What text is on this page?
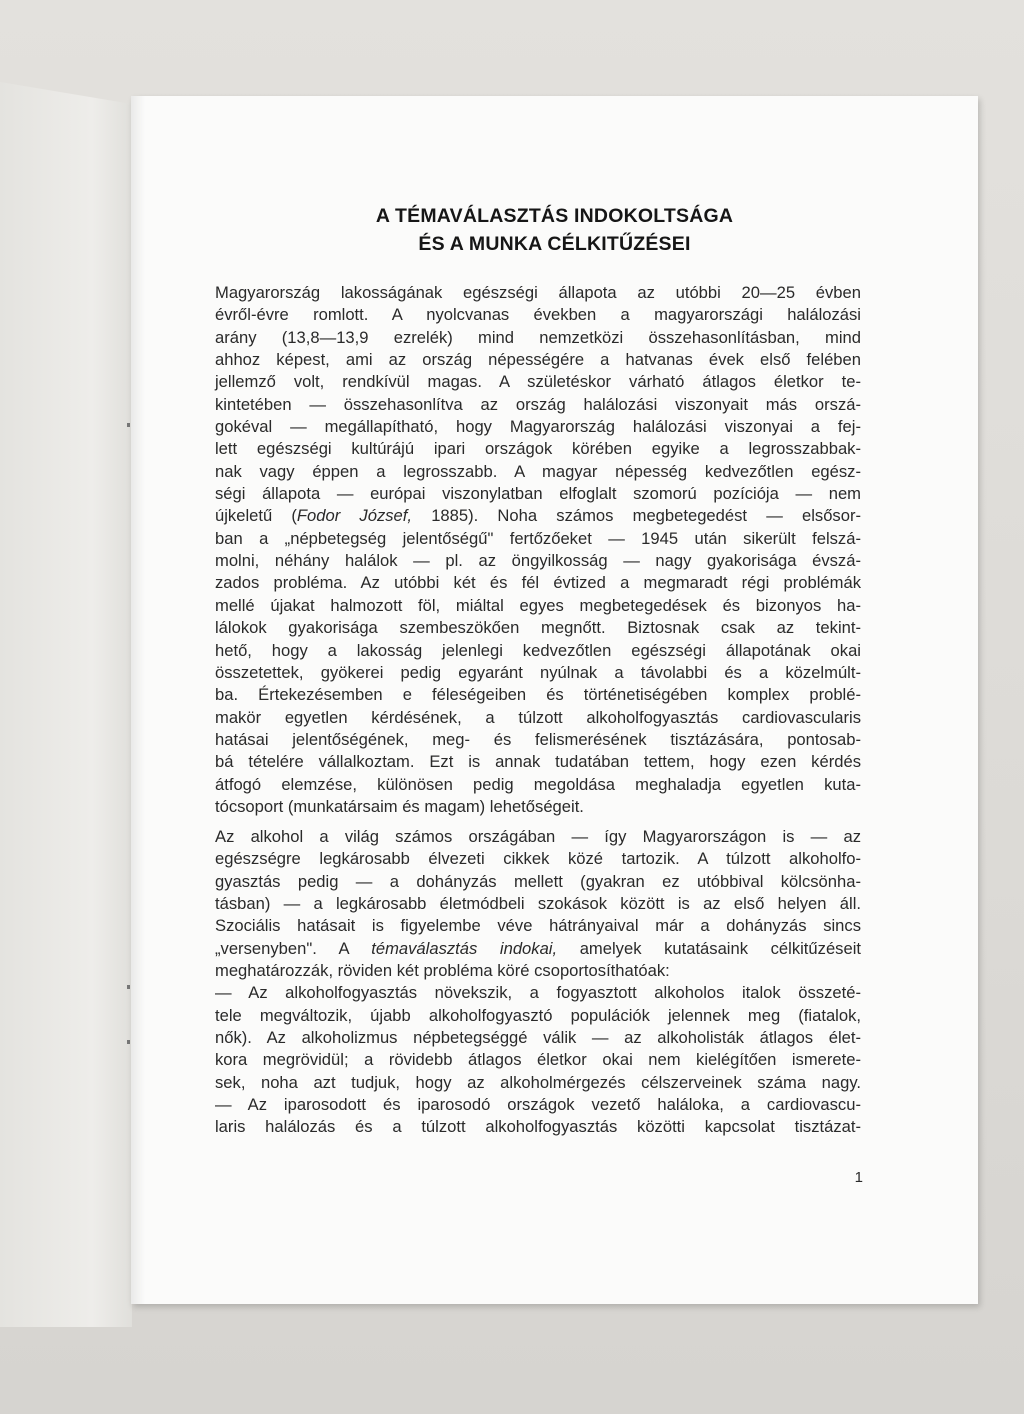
A TÉMAVÁLASZTÁS INDOKOLTSÁGA
ÉS A MUNKA CÉLKITŰZÉSEI
Magyarország lakosságának egészségi állapota az utóbbi 20—25 évben
évről-évre romlott. A nyolcvanas években a magyarországi halálozási
arány (13,8—13,9 ezrelék) mind nemzetközi összehasonlításban, mind
ahhoz képest, ami az ország népességére a hatvanas évek első felében
jellemző volt, rendkívül magas. A születéskor várható átlagos életkor te-
kintetében — összehasonlítva az ország halálozási viszonyait más orszá-
gokéval — megállapítható, hogy Magyarország halálozási viszonyai a fej-
lett egészségi kultúrájú ipari országok körében egyike a legrosszabbak-
nak vagy éppen a legrosszabb. A magyar népesség kedvezőtlen egész-
ségi állapota — európai viszonylatban elfoglalt szomorú pozíciója — nem
újkeletű (Fodor József, 1885). Noha számos megbetegedést — elsősor-
ban a „népbetegség jelentőségű" fertőzőeket — 1945 után sikerült felszá-
molni, néhány halálok — pl. az öngyilkosság — nagy gyakorisága évszá-
zados probléma. Az utóbbi két és fél évtized a megmaradt régi problémák
mellé újakat halmozott föl, miáltal egyes megbetegedések és bizonyos ha-
lálokok gyakorisága szembeszökően megnőtt. Biztosnak csak az tekint-
hető, hogy a lakosság jelenlegi kedvezőtlen egészségi állapotának okai
összetettek, gyökerei pedig egyaránt nyúlnak a távolabbi és a közelmúlt-
ba. Értekezésemben e féleségeiben és történetiségében komplex problé-
makör egyetlen kérdésének, a túlzott alkoholfogyasztás cardiovascularis
hatásai jelentőségének, meg- és felismerésének tisztázására, pontosab-
bá tételére vállalkoztam. Ezt is annak tudatában tettem, hogy ezen kérdés
átfogó elemzése, különösen pedig megoldása meghaladja egyetlen kuta-
tócsoport (munkatársaim és magam) lehetőségeit.
Az alkohol a világ számos országában — így Magyarországon is — az
egészségre legkárosabb élvezeti cikkek közé tartozik. A túlzott alkoholfo-
gyasztás pedig — a dohányzás mellett (gyakran ez utóbbival kölcsönha-
tásban) — a legkárosabb életmódbeli szokások között is az első helyen áll.
Szociális hatásait is figyelembe véve hátrányaival már a dohányzás sincs
„versenyben". A témaválasztás indokai, amelyek kutatásaink célkitűzéseit
meghatározzák, röviden két probléma köré csoportosíthatóak:
— Az alkoholfogyasztás növekszik, a fogyasztott alkoholos italok összeté-
tele megváltozik, újabb alkoholfogyasztó populációk jelennek meg (fiatalok,
nők). Az alkoholizmus népbetegséggé válik — az alkoholisták átlagos élet-
kora megrövidül; a rövidebb átlagos életkor okai nem kielégítően ismerete-
sek, noha azt tudjuk, hogy az alkoholmérgezés célszerveinek száma nagy.
— Az iparosodott és iparosodó országok vezető haláloka, a cardiovascu-
laris halálozás és a túlzott alkoholfogyasztás közötti kapcsolat tisztázat-
1
